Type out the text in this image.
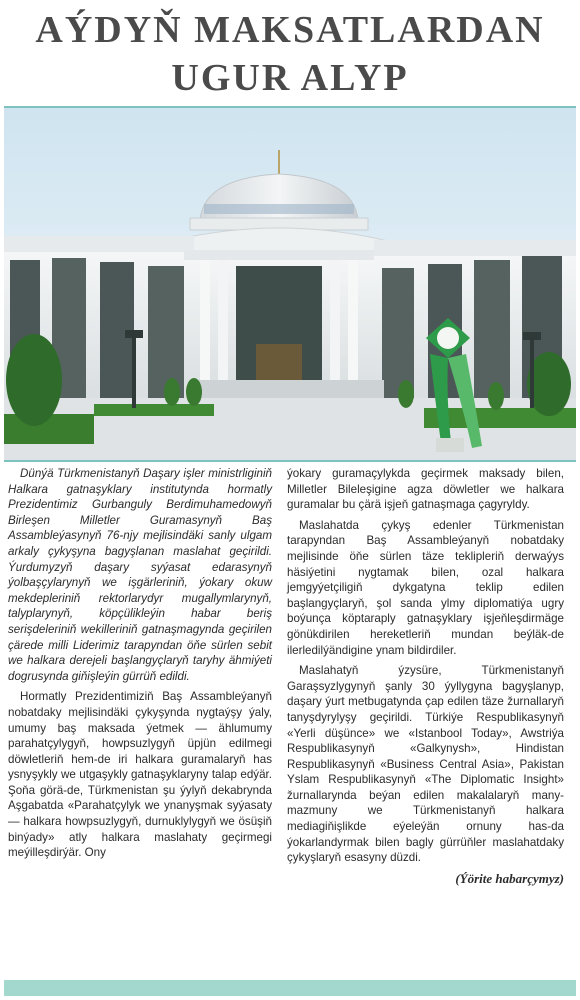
AÝDYŇ MAKSATLARDAN
UGUR ALYP

Dünýä Türkmenistanyň Daşary işler ministrliginiň Halkara gatnaşyklary institutynda hormatly Prezidentimiz Gurbanguly Berdimuhamedowyň Birleşen Milletler Guramasynyň Baş Assambleýasynyň 76-njy mejlisindäki sanly ulgam arkaly çykyşyna bagyşlanan maslahat geçirildi. Ýurdumyzyň daşary syýasat edarasynyň ýolbaşçylarynyň we işgärleriniň, ýokary okuw mekdepleriniň rektorlarydyr mugallymlarynyň, talyplarynyň, köpçülikleýin habar beriş serişdeleriniň wekilleriniň gatnaşmagynda geçirilen çärede milli Liderimiz tarapyndan öňe sürlen sebit we halkara derejeli başlangyçlaryň taryhy ähmiýeti dogrusynda giňişleýin gürrüň edildi.

Hormatly Prezidentimiziň Baş Assambleýanyň nobatdaky mejlisindäki çykyşynda nygtaýşy ýaly, umumy baş maksada ýetmek — ählumumy parahatçylygyň, howpsuzlygyň üpjün edilmegi döwletleriň hem-de iri halkara guramalaryň has ysnyşykly we utgaşykly gatnaşyklaryny talap edýär. Şoňa görä-de, Türkmenistan şu ýylyň dekabrynda Aşgabatda «Parahatçylyk we ynanyşmak syýasaty — halkara howpsuzlygyň, durnuklylygyň we ösüşiň binýady» atly halkara maslahaty geçirmegi meýilleşdirýär. Ony

ýokary guramaçylykda geçirmek maksady bilen, Milletler Bileleşigine agza döwletler we halkara guramalar bu çärä işjeň gatnaşmaga çagyryldy.

Maslahatda çykyş edenler Türkmenistan tarapyndan Baş Assambleýanyň nobatdaky mejlisinde öňe sürlen täze teklipleriň derwaýys häsiýetini nygtamak bilen, ozal halkara jemgyýetçiligiň dykgatyna teklip edilen başlangyçlaryň, şol sanda ylmy diplomatiýa ugry boýunça köptaraply gatnaşyklary işjeňleşdirmäge gönükdirilen hereketleriň mundan beýläk-de ilerledilýändigine ynam bildirdiler.

Maslahatyň ýzysüre, Türkmenistanyň Garaşsyzlygynyň şanly 30 ýyllygyna bagyşlanyp, daşary ýurt metbugatynda çap edilen täze žurnallaryň tanyşdyrylyşy geçirildi. Türkiýe Respublikasynyň «Yerli düşünce» we «Istanbool Today», Awstriýa Respublikasynyň «Galkynysh», Hindistan Respublikasynyň «Business Central Asia», Pakistan Yslam Respublikasynyň «The Diplomatic Insight» žurnallarynda beýan edilen makalalaryň many-mazmuny we Türkmenistanyň halkara mediagiňişlikde eýeleýän ornuny has-da ýokarlandyrmak bilen bagly gürrüňler maslahatdaky çykyşlaryň esasyny düzdi.

(Ýörite habarçymyz)
